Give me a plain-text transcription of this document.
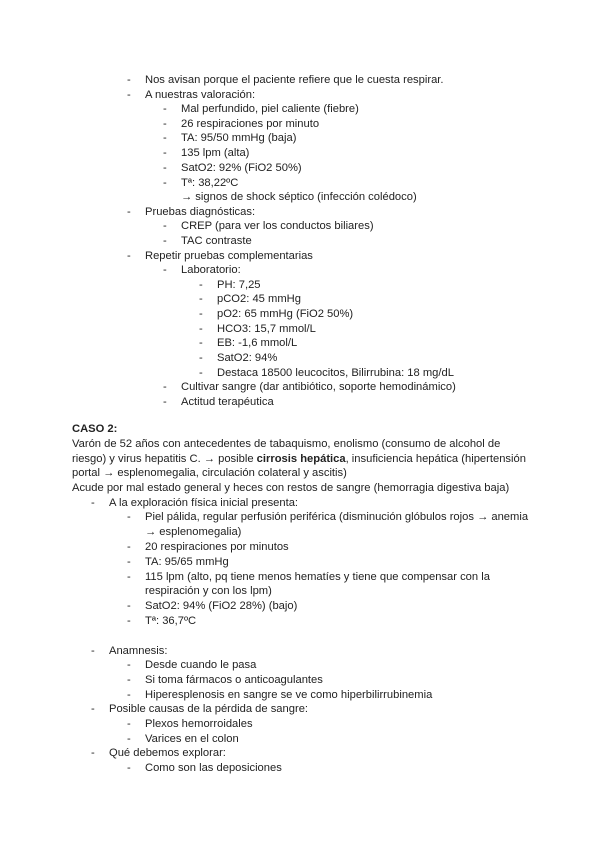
- Nos avisan porque el paciente refiere que le cuesta respirar.
- A nuestras valoración:
- Mal perfundido, piel caliente (fiebre)
- 26 respiraciones por minuto
- TA: 95/50 mmHg (baja)
- 135 lpm (alta)
- SatO2: 92% (FiO2 50%)
- Tª: 38,22ºC
→ signos de shock séptico (infección colédoco)
- Pruebas diagnósticas:
- CREP (para ver los conductos biliares)
- TAC contraste
- Repetir pruebas complementarias
- Laboratorio:
- PH: 7,25
- pCO2: 45 mmHg
- pO2: 65 mmHg (FiO2 50%)
- HCO3: 15,7 mmol/L
- EB: -1,6 mmol/L
- SatO2: 94%
- Destaca 18500 leucocitos, Bilirrubina: 18 mg/dL
- Cultivar sangre (dar antibiótico, soporte hemodinámico)
- Actitud terapéutica
CASO 2:
Varón de 52 años con antecedentes de tabaquismo, enolismo (consumo de alcohol de
riesgo) y virus hepatitis C. → posible cirrosis hepática, insuficiencia hepática (hipertensión
portal → esplenomegalia, circulación colateral y ascitis)
Acude por mal estado general y heces con restos de sangre (hemorragia digestiva baja)
- A la exploración física inicial presenta:
- Piel pálida, regular perfusión periférica (disminución glóbulos rojos → anemia
→ esplenomegalia)
- 20 respiraciones por minutos
- TA: 95/65 mmHg
- 115 lpm (alto, pq tiene menos hematíes y tiene que compensar con la
respiración y con los lpm)
- SatO2: 94% (FiO2 28%) (bajo)
- Tª: 36,7ºC
- Anamnesis:
- Desde cuando le pasa
- Si toma fármacos o anticoagulantes
- Hiperesplenosis en sangre se ve como hiperbilirrubinemia
- Posible causas de la pérdida de sangre:
- Plexos hemorroidales
- Varices en el colon
- Qué debemos explorar:
- Como son las deposiciones
